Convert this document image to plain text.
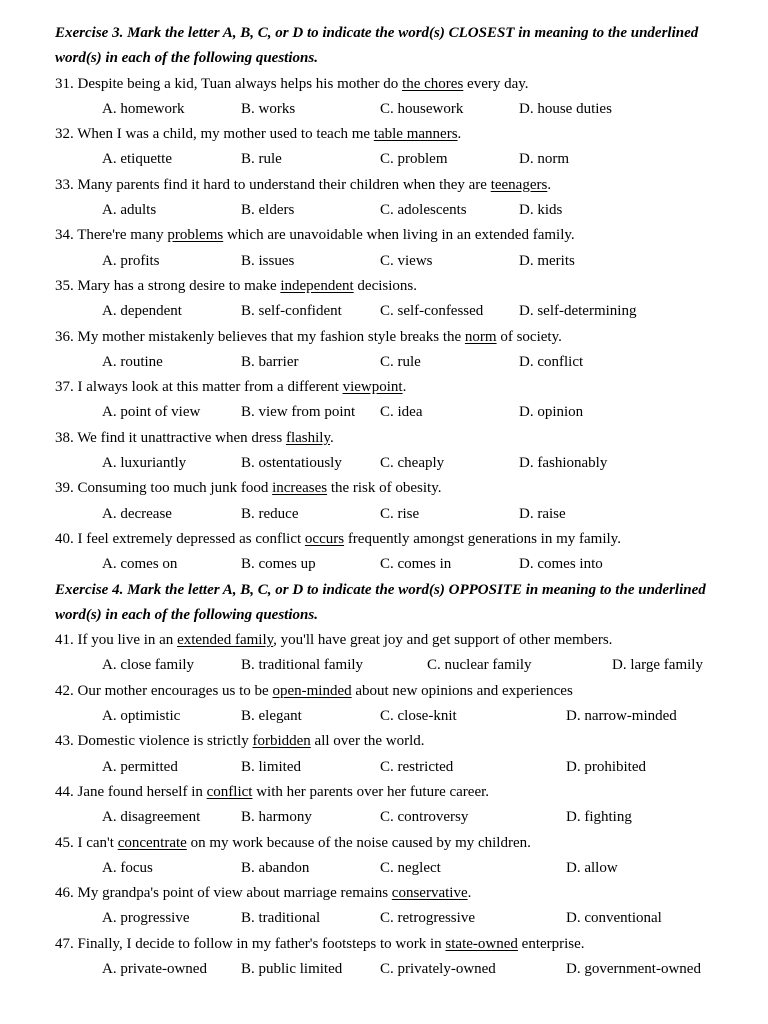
Exercise 3. Mark the letter A, B, C, or D to indicate the word(s) CLOSEST in meaning to the underlined word(s) in each of the following questions.

31. Despite being a kid, Tuan always helps his mother do the chores every day.
A. homework	B. works	C. housework	D. house duties
32. When I was a child, my mother used to teach me table manners.
A. etiquette	B. rule	C. problem	D. norm
33. Many parents find it hard to understand their children when they are teenagers.
A. adults	B. elders	C. adolescents	D. kids
34. There're many problems which are unavoidable when living in an extended family.
A. profits	B. issues	C. views	D. merits
35. Mary has a strong desire to make independent decisions.
A. dependent	B. self-confident	C. self-confessed D. self-determining
36. My mother mistakenly believes that my fashion style breaks the norm of society.
A. routine	B. barrier	C. rule	D. conflict
37. I always look at this matter from a different viewpoint.
A. point of view	B. view from point C. idea	D. opinion
38. We find it unattractive when dress flashily.
A. luxuriantly	B. ostentatiously	C. cheaply	D. fashionably
39. Consuming too much junk food increases the risk of obesity.
A. decrease	B. reduce	C. rise	D. raise
40. I feel extremely depressed as conflict occurs frequently amongst generations in my family.
A. comes on	B. comes up	C. comes in	D. comes into

Exercise 4. Mark the letter A, B, C, or D to indicate the word(s) OPPOSITE in meaning to the underlined word(s) in each of the following questions.

41. If you live in an extended family, you'll have great joy and get support of other members.
A. close family	B. traditional family	C. nuclear family	D. large family
42. Our mother encourages us to be open-minded about new opinions and experiences
A. optimistic	B. elegant	C. close-knit	D. narrow-minded
43. Domestic violence is strictly forbidden all over the world.
A. permitted	B. limited	C. restricted	D. prohibited
44. Jane found herself in conflict with her parents over her future career.
A. disagreement	B. harmony	C. controversy	D. fighting
45. I can't concentrate on my work because of the noise caused by my children.
A. focus	B. abandon	C. neglect	D. allow
46. My grandpa's point of view about marriage remains conservative.
A. progressive	B. traditional	C. retrogressive	D. conventional
47. Finally, I decide to follow in my father's footsteps to work in state-owned enterprise.
A. private-owned B. public limited	C. privately-owned	D. government-owned
